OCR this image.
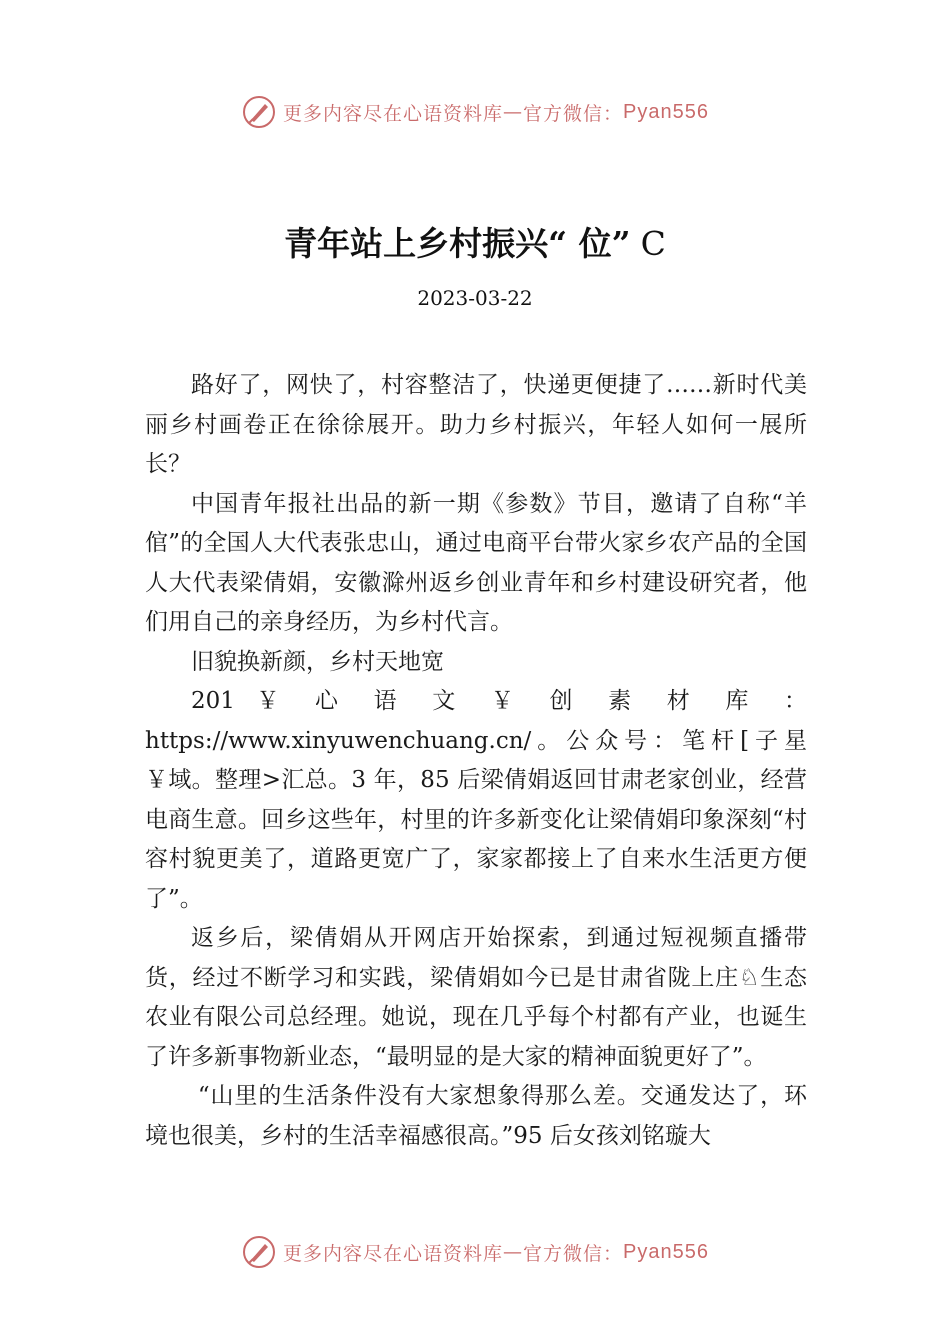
更多内容尽在心语资料库 — 官方微信： Pyan556
青年站上乡村振兴“ 位” C
2023-03-22

路好了，网快了，村容整洁了，快递更便捷了……新时代美丽乡村画卷正在徐徐展开。助力乡村振兴，年轻人如何一展所长？

中国青年报社出品的新一期《参数》节目，邀请了自称“羊倌”的全国人大代表张忠山，通过电商平台带火家乡农产品的全国人大代表梁倩娟，安徽滁州返乡创业青年和乡村建设研究者，他们用自己的亲身经历，为乡村代言。

旧貌换新颜，乡村天地宽

201 ￥ 心 语 文 ￥ 创 素 材 库 ： https://www.xinyuwenchuang.cn/。公众号：笔杆[子星￥域。整理>汇总。3 年，85 后梁倩娟返回甘肃老家创业，经营电商生意。回乡这些年，村里的许多新变化让梁倩娟印象深刻“村容村貌更美了，道路更宽广了，家家都接上了自来水生活更方便了”。

返乡后，梁倩娟从开网店开始探索，到通过短视频直播带货，经过不断学习和实践，梁倩娟如今已是甘肃省陇上庄♘生态农业有限公司总经理。她说，现在几乎每个村都有产业，也诞生了许多新事物新业态，“最明显的是大家的精神面貌更好了”。

“山里的生活条件没有大家想象得那么差。交通发达了，环境也很美，乡村的生活幸福感很高。”95 后女孩刘铭璇大

更多内容尽在心语资料库 — 官方微信： Pyan556
